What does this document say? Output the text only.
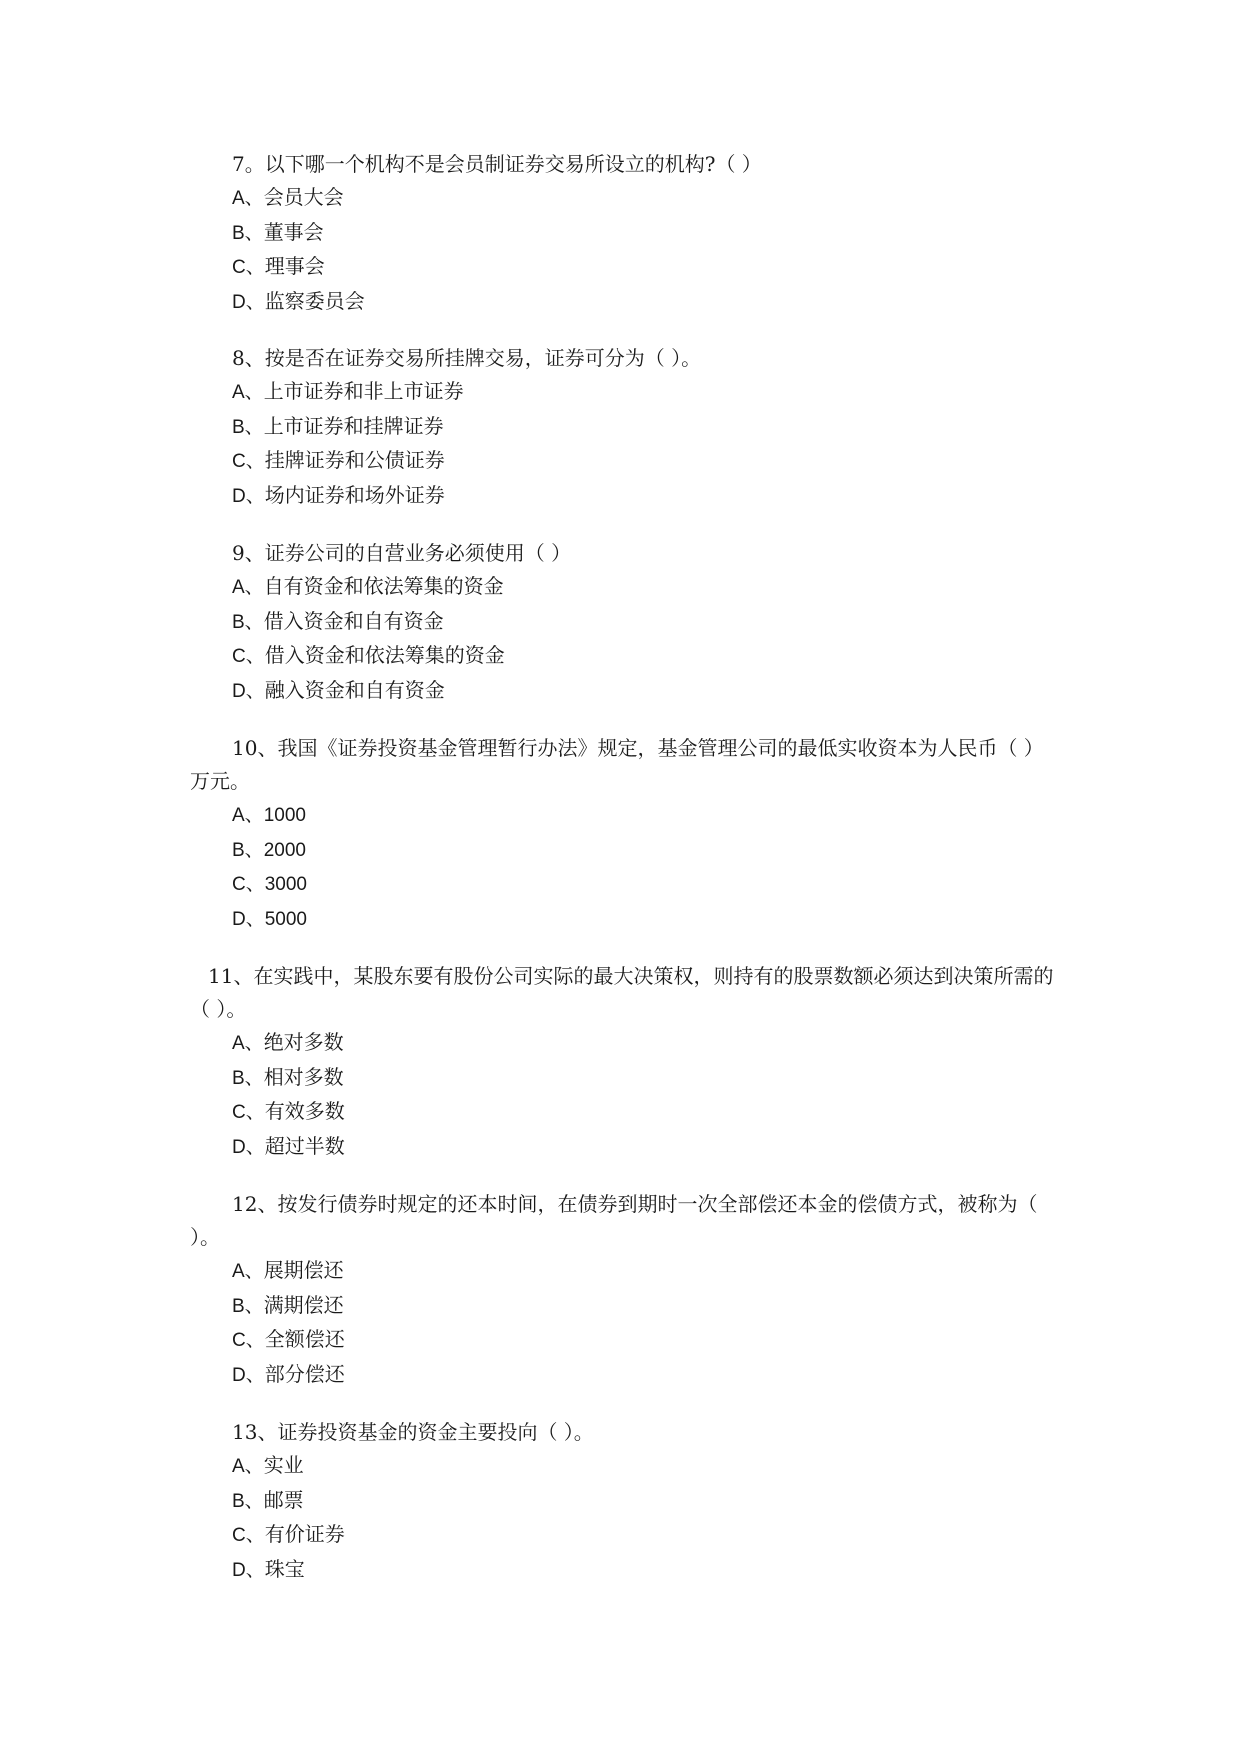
7。以下哪一个机构不是会员制证券交易所设立的机构?（ ）

A、会员大会
B、董事会
C、理事会
D、监察委员会

8、按是否在证券交易所挂牌交易，证券可分为（ ）。

A、上市证券和非上市证券
B、上市证券和挂牌证券
C、挂牌证券和公债证券
D、场内证券和场外证券

9、证券公司的自营业务必须使用（ ）

A、自有资金和依法筹集的资金
B、借入资金和自有资金
C、借入资金和依法筹集的资金
D、融入资金和自有资金

10、我国《证券投资基金管理暂行办法》规定，基金管理公司的最低实收资本为人民币（ ）万元。

A、1000
B、2000
C、3000
D、5000

11、在实践中，某股东要有股份公司实际的最大决策权，则持有的股票数额必须达到决策所需的（ ）。

A、绝对多数
B、相对多数
C、有效多数
D、超过半数

12、按发行债券时规定的还本时间，在债券到期时一次全部偿还本金的偿债方式，被称为（ ）。

A、展期偿还
B、满期偿还
C、全额偿还
D、部分偿还

13、证券投资基金的资金主要投向（ ）。

A、实业
B、邮票
C、有价证券
D、珠宝
